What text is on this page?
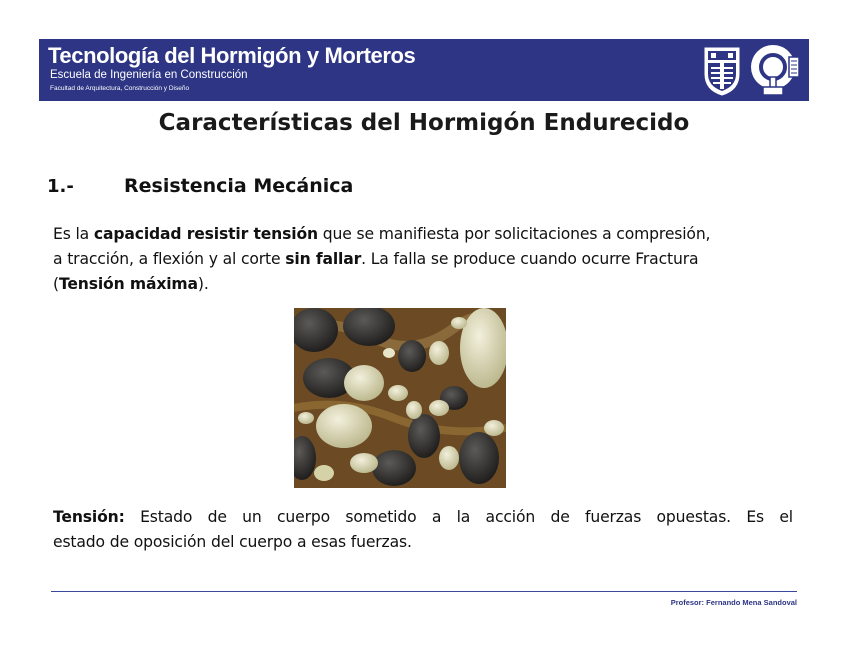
Tecnología del Hormigón y Morteros
Escuela de Ingeniería en Construcción
Facultad de Arquitectura, Construcción y Diseño
Características del Hormigón Endurecido
1.-	Resistencia Mecánica
Es la capacidad resistir tensión que se manifiesta por solicitaciones a compresión,
a tracción, a flexión y al corte sin fallar. La falla se produce cuando ocurre Fractura
(Tensión máxima).
Tensión: Estado de un cuerpo sometido a la acción de fuerzas opuestas. Es el
estado de oposición del cuerpo a esas fuerzas.
Profesor: Fernando Mena Sandoval
